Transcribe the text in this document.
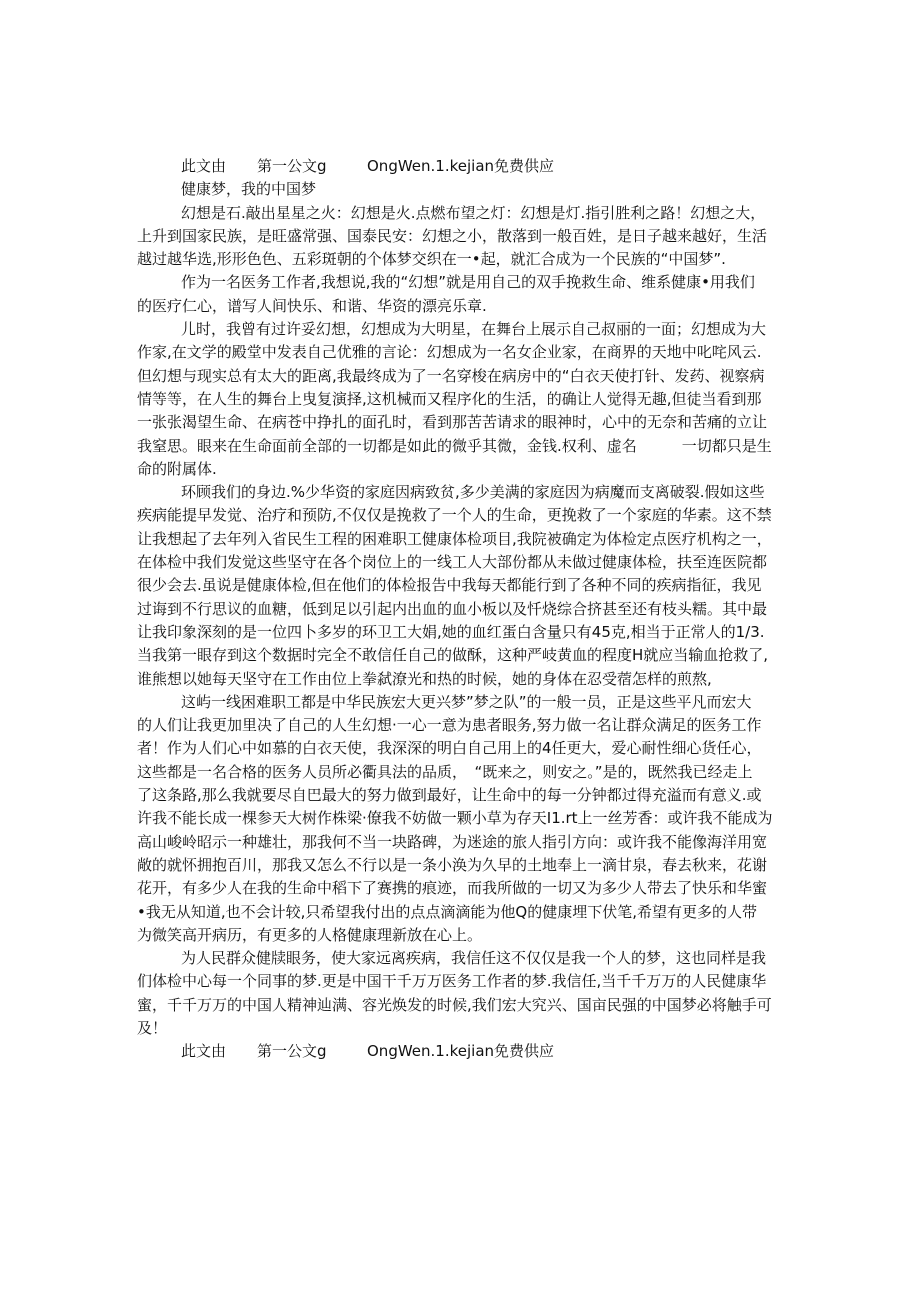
此文由 第一公文g	OngWen.1.kejian免费供应
健康梦，我的中国梦
幻想是石.敲出星星之火：幻想是火.点燃布望之灯：幻想是灯.指引胜利之路！幻想之大，
上升到国家民族，是旺盛常强、国泰民安：幻想之小，散落到一般百姓，是日子越来越好，生活
越过越华选,形形色色、五彩斑朝的个体梦交织在一•起，就汇合成为一个民族的“中国梦”.
作为一名医务工作者,我想说,我的“幻想”就是用自己的双手挽救生命、维系健康•用我们
的医疗仁心，谱写人间快乐、和谐、华资的漂亮乐章.
儿时，我曾有过许妥幻想，幻想成为大明星，在舞台上展示自己叔丽的一面；幻想成为大
作家,在文学的殿堂中发表自己优雅的言论：幻想成为一名女企业家，在商界的天地中叱咤风云.
但幻想与现实总有太大的距离,我最终成为了一名穿梭在病房中的“白衣天使打针、发药、视察病
情等等，在人生的舞台上曳复演择,这机械而又程序化的生活，的确让人觉得无趣,但徒当看到那
一张张渴望生命、在病苍中挣扎的面孔时，看到那苦苦请求的眼神时，心中的无奈和苦痛的立让
我窒思。眼来在生命面前全部的一切都是如此的微乎其微，金钱.权利、虚名　　　一切都只是生
命的附属体.
环顾我们的身边.%少华资的家庭因病致贫,多少美满的家庭因为病魔而支离破裂.假如这些
疾病能提早发觉、治疗和预防,不仅仅是挽救了一个人的生命，更挽救了一个家庭的华素。这不禁
让我想起了去年列入省民生工程的困难职工健康体检项目,我院被确定为体检定点医疗机构之一，
在体检中我们发觉这些坚守在各个岗位上的一线工人大部份都从未做过健康体检，扶至连医院都
很少会去.虽说是健康体检,但在他们的体检报告中我每天都能行到了各种不同的疾病指征，我见
过诲到不行思议的血糖，低到足以引起内出血的血小板以及忏烧综合挤甚至还有枝头糯。其中最
让我印象深刻的是一位四卜多岁的环卫工大娟,她的血红蛋白含量只有45克,相当于正常人的1/3.
当我第一眼存到这个数据时完全不敢信任自己的做酥，这种严岐黄血的程度H就应当输血抢救了,
谁熊想以她每天坚守在工作由位上拳弑潦光和热的时候，她的身体在忍受蓿怎样的煎熬,
这屿一线困难职工都是中华民族宏大更兴梦”梦之队”的一般一员，正是这些平凡而宏大
的人们让我更加里决了自己的人生幻想·一心一意为患者眼务,努力做一名让群众满足的医务工作
者！作为人们心中如慕的白衣天使，我深深的明白自己用上的4任更大，爱心耐性细心货任心，
这些都是一名合格的医务人员所必衢具法的品质，　“既来之，则安之。”是的，既然我已经走上
了这条路,那么我就要尽自巴最大的努力做到最好，让生命中的每一分钟都过得充溢而有意义.或
许我不能长成一棵参天大树作株梁·僚我不妨做一颗小草为存天I1.rt上一丝芳香：或许我不能成为
高山峻岭昭示一种雄壮，那我何不当一块路碑，为迷途的旅人指引方向：或许我不能像海洋用宽
敞的就怀拥抱百川，那我又怎么不行以是一条小涣为久早的土地奉上一滴甘泉，春去秋来，花谢
花开，有多少人在我的生命中稻下了赛携的痕迹，而我所做的一切又为多少人带去了快乐和华蜜
•我无从知道,也不会计较,只希望我付出的点点滴滴能为他Q的健康埋下伏笔,希望有更多的人带
为微笑高开病历，有更多的人格健康理新放在心上。
为人民群众健牍眼务，使大家远离疾病，我信任这不仅仅是我一个人的梦，这也同样是我
们体检中心每一个同事的梦.更是中国干千万万医务工作者的梦.我信任,当千千万万的人民健康华
蜜，千千万万的中国人精神辿满、容光焕发的时候,我们宏大究兴、国亩民强的中国梦必将触手可
及！
此文由 第一公文g	OngWen.1.kejian免费供应
